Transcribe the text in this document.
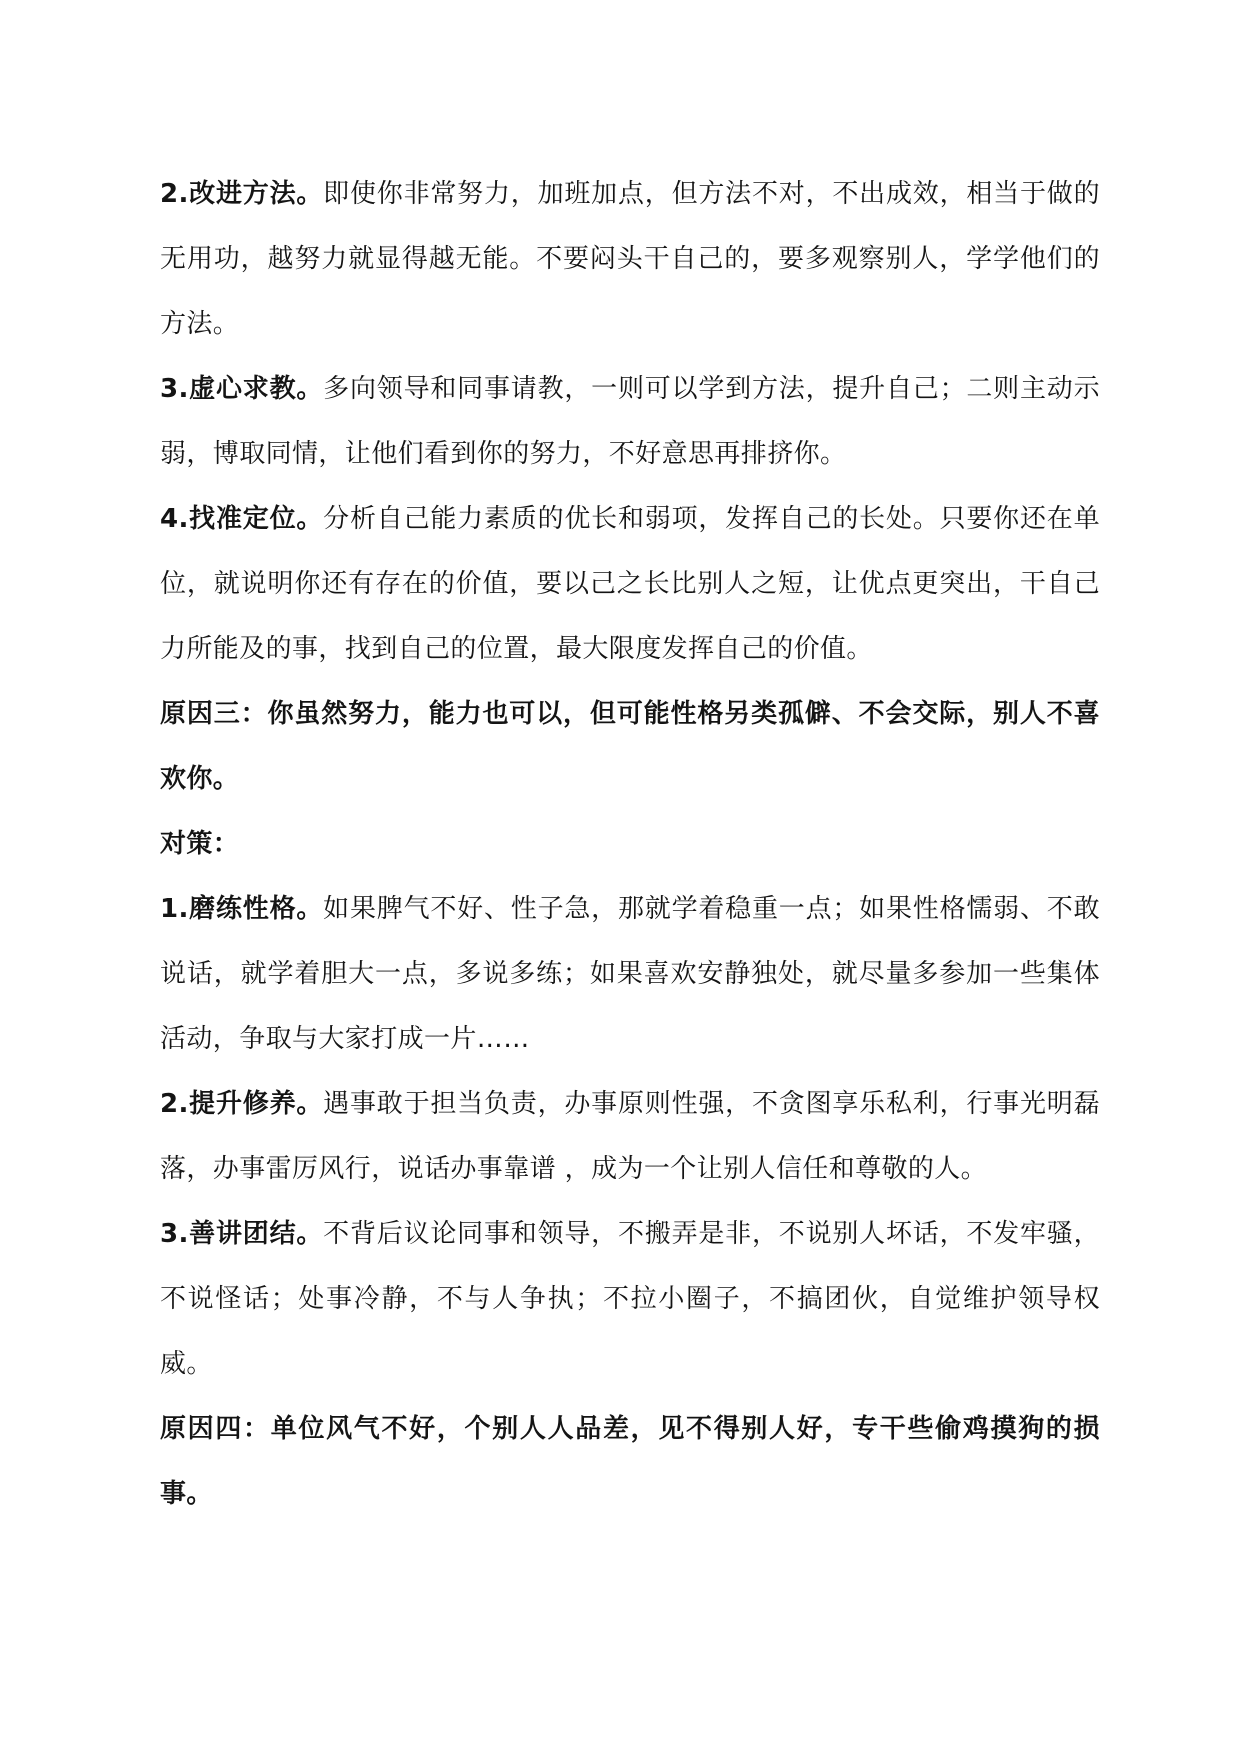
2.改进方法。即使你非常努力，加班加点，但方法不对，不出成效，相当于做的无用功，越努力就显得越无能。不要闷头干自己的，要多观察别人，学学他们的方法。

3.虚心求教。多向领导和同事请教，一则可以学到方法，提升自己；二则主动示弱，博取同情，让他们看到你的努力，不好意思再排挤你。

4.找准定位。分析自己能力素质的优长和弱项，发挥自己的长处。只要你还在单位，就说明你还有存在的价值，要以己之长比别人之短，让优点更突出，干自己力所能及的事，找到自己的位置，最大限度发挥自己的价值。

原因三：你虽然努力，能力也可以，但可能性格另类孤僻、不会交际，别人不喜欢你。

对策：

1.磨练性格。如果脾气不好、性子急，那就学着稳重一点；如果性格懦弱、不敢说话，就学着胆大一点，多说多练；如果喜欢安静独处，就尽量多参加一些集体活动，争取与大家打成一片……

2.提升修养。遇事敢于担当负责，办事原则性强，不贪图享乐私利，行事光明磊落，办事雷厉风行，说话办事靠谱 ，成为一个让别人信任和尊敬的人。

3.善讲团结。不背后议论同事和领导，不搬弄是非，不说别人坏话，不发牢骚，不说怪话；处事冷静，不与人争执；不拉小圈子，不搞团伙，自觉维护领导权威。

原因四：单位风气不好，个别人人品差，见不得别人好，专干些偷鸡摸狗的损事。
